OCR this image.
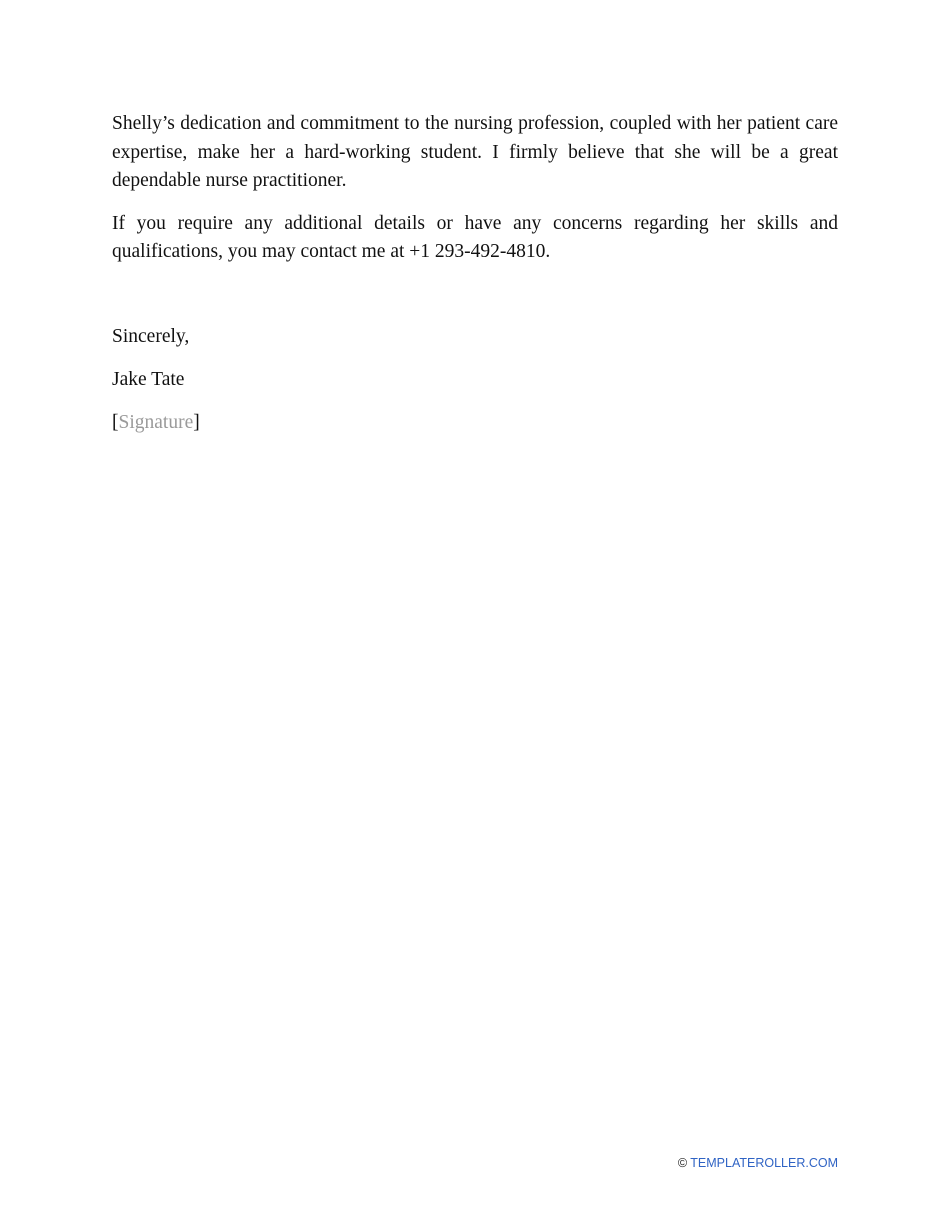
Shelly’s dedication and commitment to the nursing profession, coupled with her patient care expertise, make her a hard-working student. I firmly believe that she will be a great dependable nurse practitioner.

If you require any additional details or have any concerns regarding her skills and qualifications, you may contact me at +1 293-492-4810.

Sincerely,
Jake Tate
[Signature]
© TEMPLATEROLLER.COM
